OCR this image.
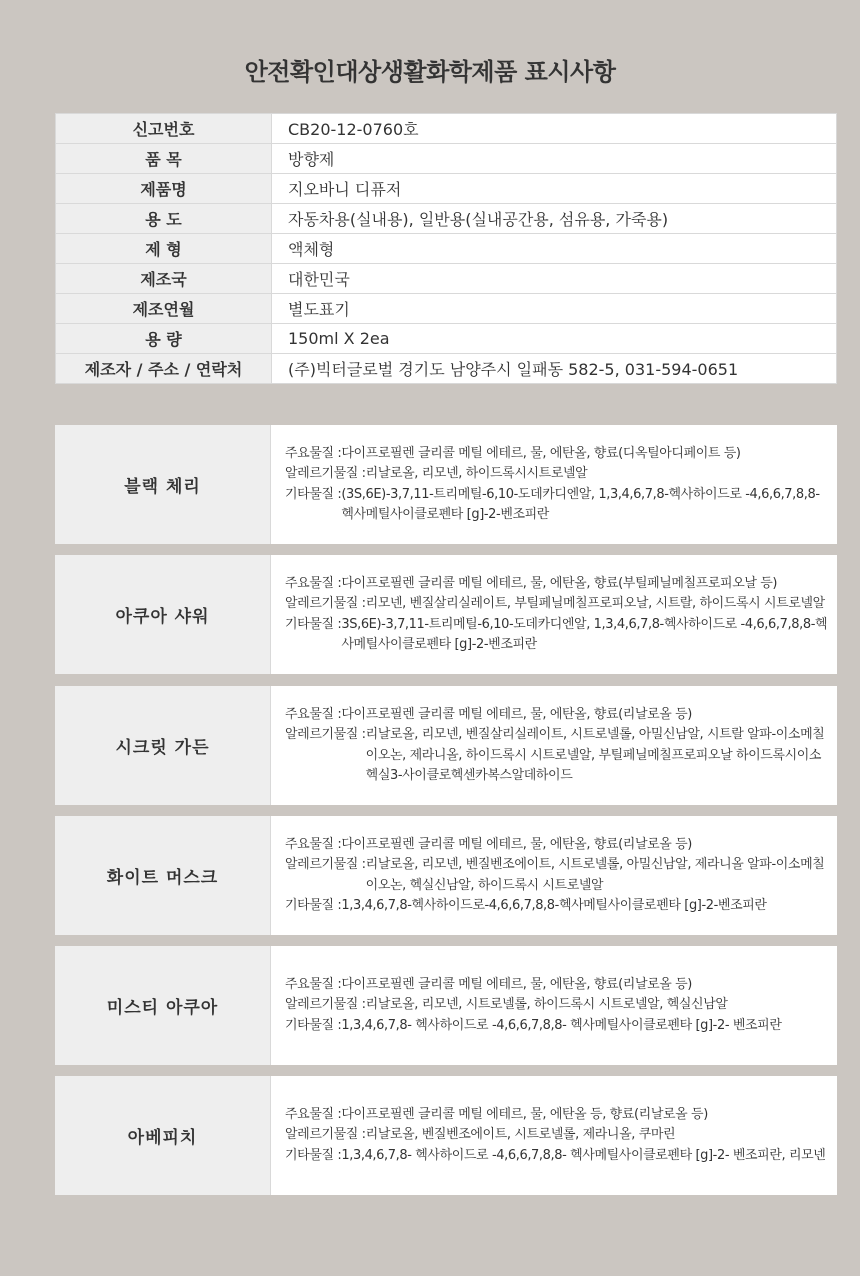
안전확인대상생활화학제품 표시사항
신고번호	CB20-12-0760호
품 목	방향제
제품명	지오바니 디퓨저
용 도	자동차용(실내용), 일반용(실내공간용, 섬유용, 가죽용)
제 형	액체형
제조국	대한민국
제조연월	별도표기
용 량	150ml X 2ea
제조자 / 주소 / 연락처	(주)빅터글로벌 경기도 남양주시 일패동 582-5, 031-594-0651
블랙 체리
주요물질 : 다이프로필렌 글리콜 메틸 에테르, 물, 에탄올, 향료(디옥틸아디페이트 등)
알레르기물질 : 리날로올, 리모넨, 하이드록시시트로넬알
기타물질 : (3S,6E)-3,7,11-트리메틸-6,10-도데카디엔알, 1,3,4,6,7,8-헥사하이드로 -4,6,6,7,8,8-헥사메틸사이클로펜타 [g]-2-벤조피란
아쿠아 샤워
주요물질 : 다이프로필렌 글리콜 메틸 에테르, 물, 에탄올, 향료(부틸페닐메칠프로피오날 등)
알레르기물질 : 리모넨, 벤질살리실레이트, 부틸페닐메칠프로피오날, 시트랄, 하이드록시 시트로넬알
기타물질 : 3S,6E)-3,7,11-트리메틸-6,10-도데카디엔알, 1,3,4,6,7,8-헥사하이드로 -4,6,6,7,8,8-헥사메틸사이클로펜타 [g]-2-벤조피란
시크릿 가든
주요물질 : 다이프로필렌 글리콜 메틸 에테르, 물, 에탄올, 향료(리날로올 등)
알레르기물질 : 리날로올, 리모넨, 벤질살리실레이트, 시트로넬롤, 아밀신남알, 시트랄 알파-이소메칠이오논, 제라니올, 하이드록시 시트로넬알, 부틸페닐메칠프로피오날 하이드록시이소헥실3-사이클로헥센카복스알데하이드
화이트 머스크
주요물질 : 다이프로필렌 글리콜 메틸 에테르, 물, 에탄올, 향료(리날로올 등)
알레르기물질 : 리날로올, 리모넨, 벤질벤조에이트, 시트로넬롤, 아밀신남알, 제라니올 알파-이소메칠이오논, 헥실신남알, 하이드록시 시트로넬알
기타물질 : 1,3,4,6,7,8-헥사하이드로-4,6,6,7,8,8-헥사메틸사이클로펜타 [g]-2-벤조피란
미스티 아쿠아
주요물질 : 다이프로필렌 글리콜 메틸 에테르, 물, 에탄올, 향료(리날로올 등)
알레르기물질 : 리날로올, 리모넨, 시트로넬롤, 하이드록시 시트로넬알, 헥실신남알
기타물질 : 1,3,4,6,7,8- 헥사하이드로 -4,6,6,7,8,8- 헥사메틸사이클로펜타 [g]-2- 벤조피란
아베피치
주요물질 : 다이프로필렌 글리콜 메틸 에테르, 물, 에탄올 등, 향료(리날로올 등)
알레르기물질 : 리날로올, 벤질벤조에이트, 시트로넬롤, 제라니올, 쿠마린
기타물질 : 1,3,4,6,7,8- 헥사하이드로 -4,6,6,7,8,8- 헥사메틸사이클로펜타 [g]-2- 벤조피란, 리모넨
